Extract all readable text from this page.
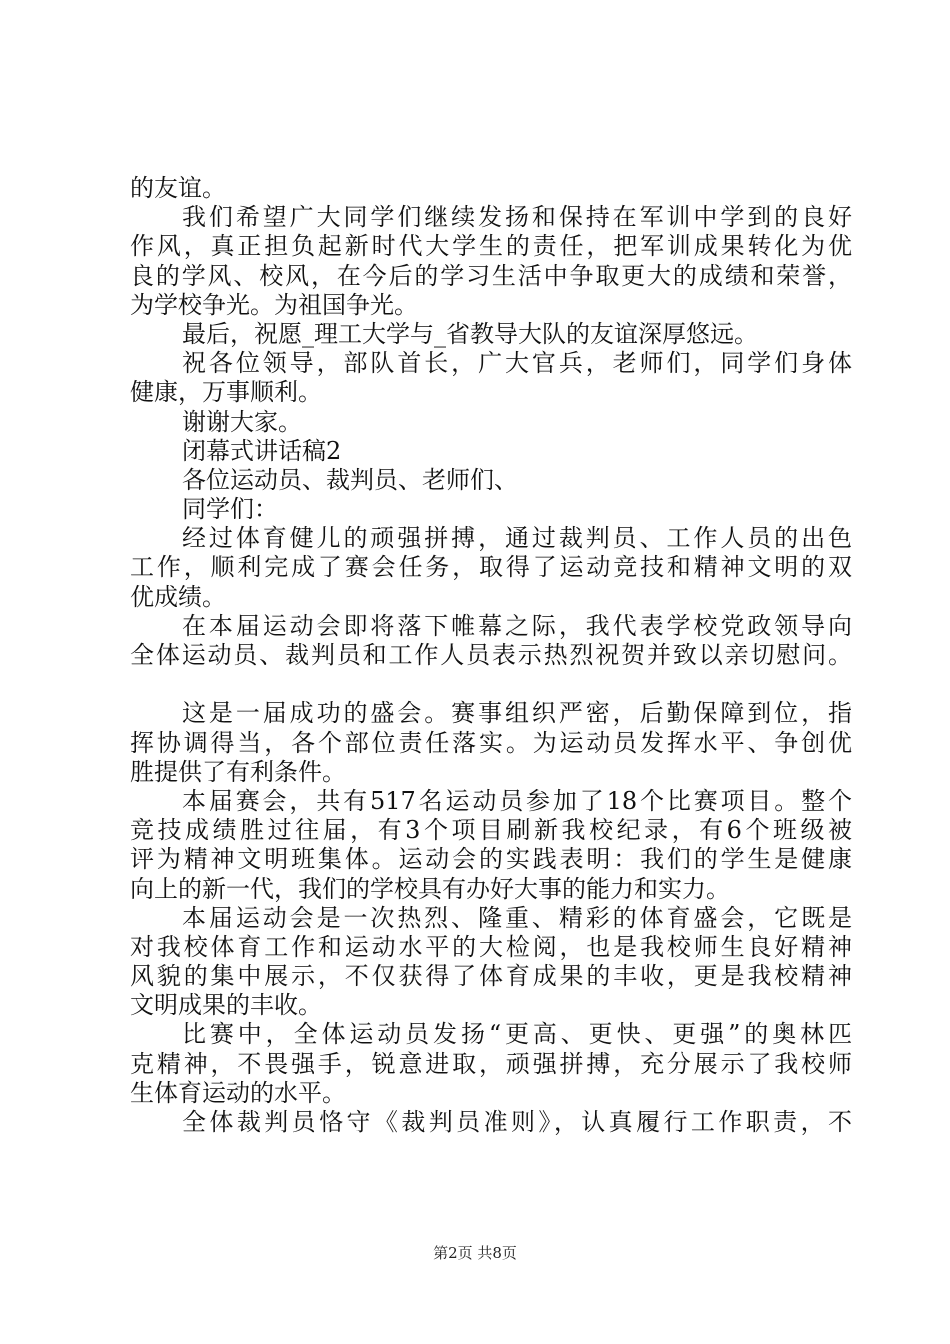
的友谊。
我们希望广大同学们继续发扬和保持在军训中学到的良好
作风，真正担负起新时代大学生的责任，把军训成果转化为优
良的学风、校风，在今后的学习生活中争取更大的成绩和荣誉，
为学校争光。为祖国争光。
最后，祝愿_理工大学与_省教导大队的友谊深厚悠远。
祝各位领导，部队首长，广大官兵，老师们，同学们身体
健康，万事顺利。
谢谢大家。
闭幕式讲话稿2
各位运动员、裁判员、老师们、
同学们：
经过体育健儿的顽强拼搏，通过裁判员、工作人员的出色
工作，顺利完成了赛会任务，取得了运动竞技和精神文明的双
优成绩。
在本届运动会即将落下帷幕之际，我代表学校党政领导向
全体运动员、裁判员和工作人员表示热烈祝贺并致以亲切慰问。
这是一届成功的盛会。赛事组织严密，后勤保障到位，指
挥协调得当，各个部位责任落实。为运动员发挥水平、争创优
胜提供了有利条件。
本届赛会，共有517名运动员参加了18个比赛项目。整个
竞技成绩胜过往届，有3个项目刷新我校纪录，有6个班级被
评为精神文明班集体。运动会的实践表明：我们的学生是健康
向上的新一代，我们的学校具有办好大事的能力和实力。
本届运动会是一次热烈、隆重、精彩的体育盛会，它既是
对我校体育工作和运动水平的大检阅，也是我校师生良好精神
风貌的集中展示，不仅获得了体育成果的丰收，更是我校精神
文明成果的丰收。
比赛中，全体运动员发扬“更高、更快、更强”的奥林匹
克精神，不畏强手，锐意进取，顽强拼搏，充分展示了我校师
生体育运动的水平。
全体裁判员恪守《裁判员准则》，认真履行工作职责，不
第2页 共8页
